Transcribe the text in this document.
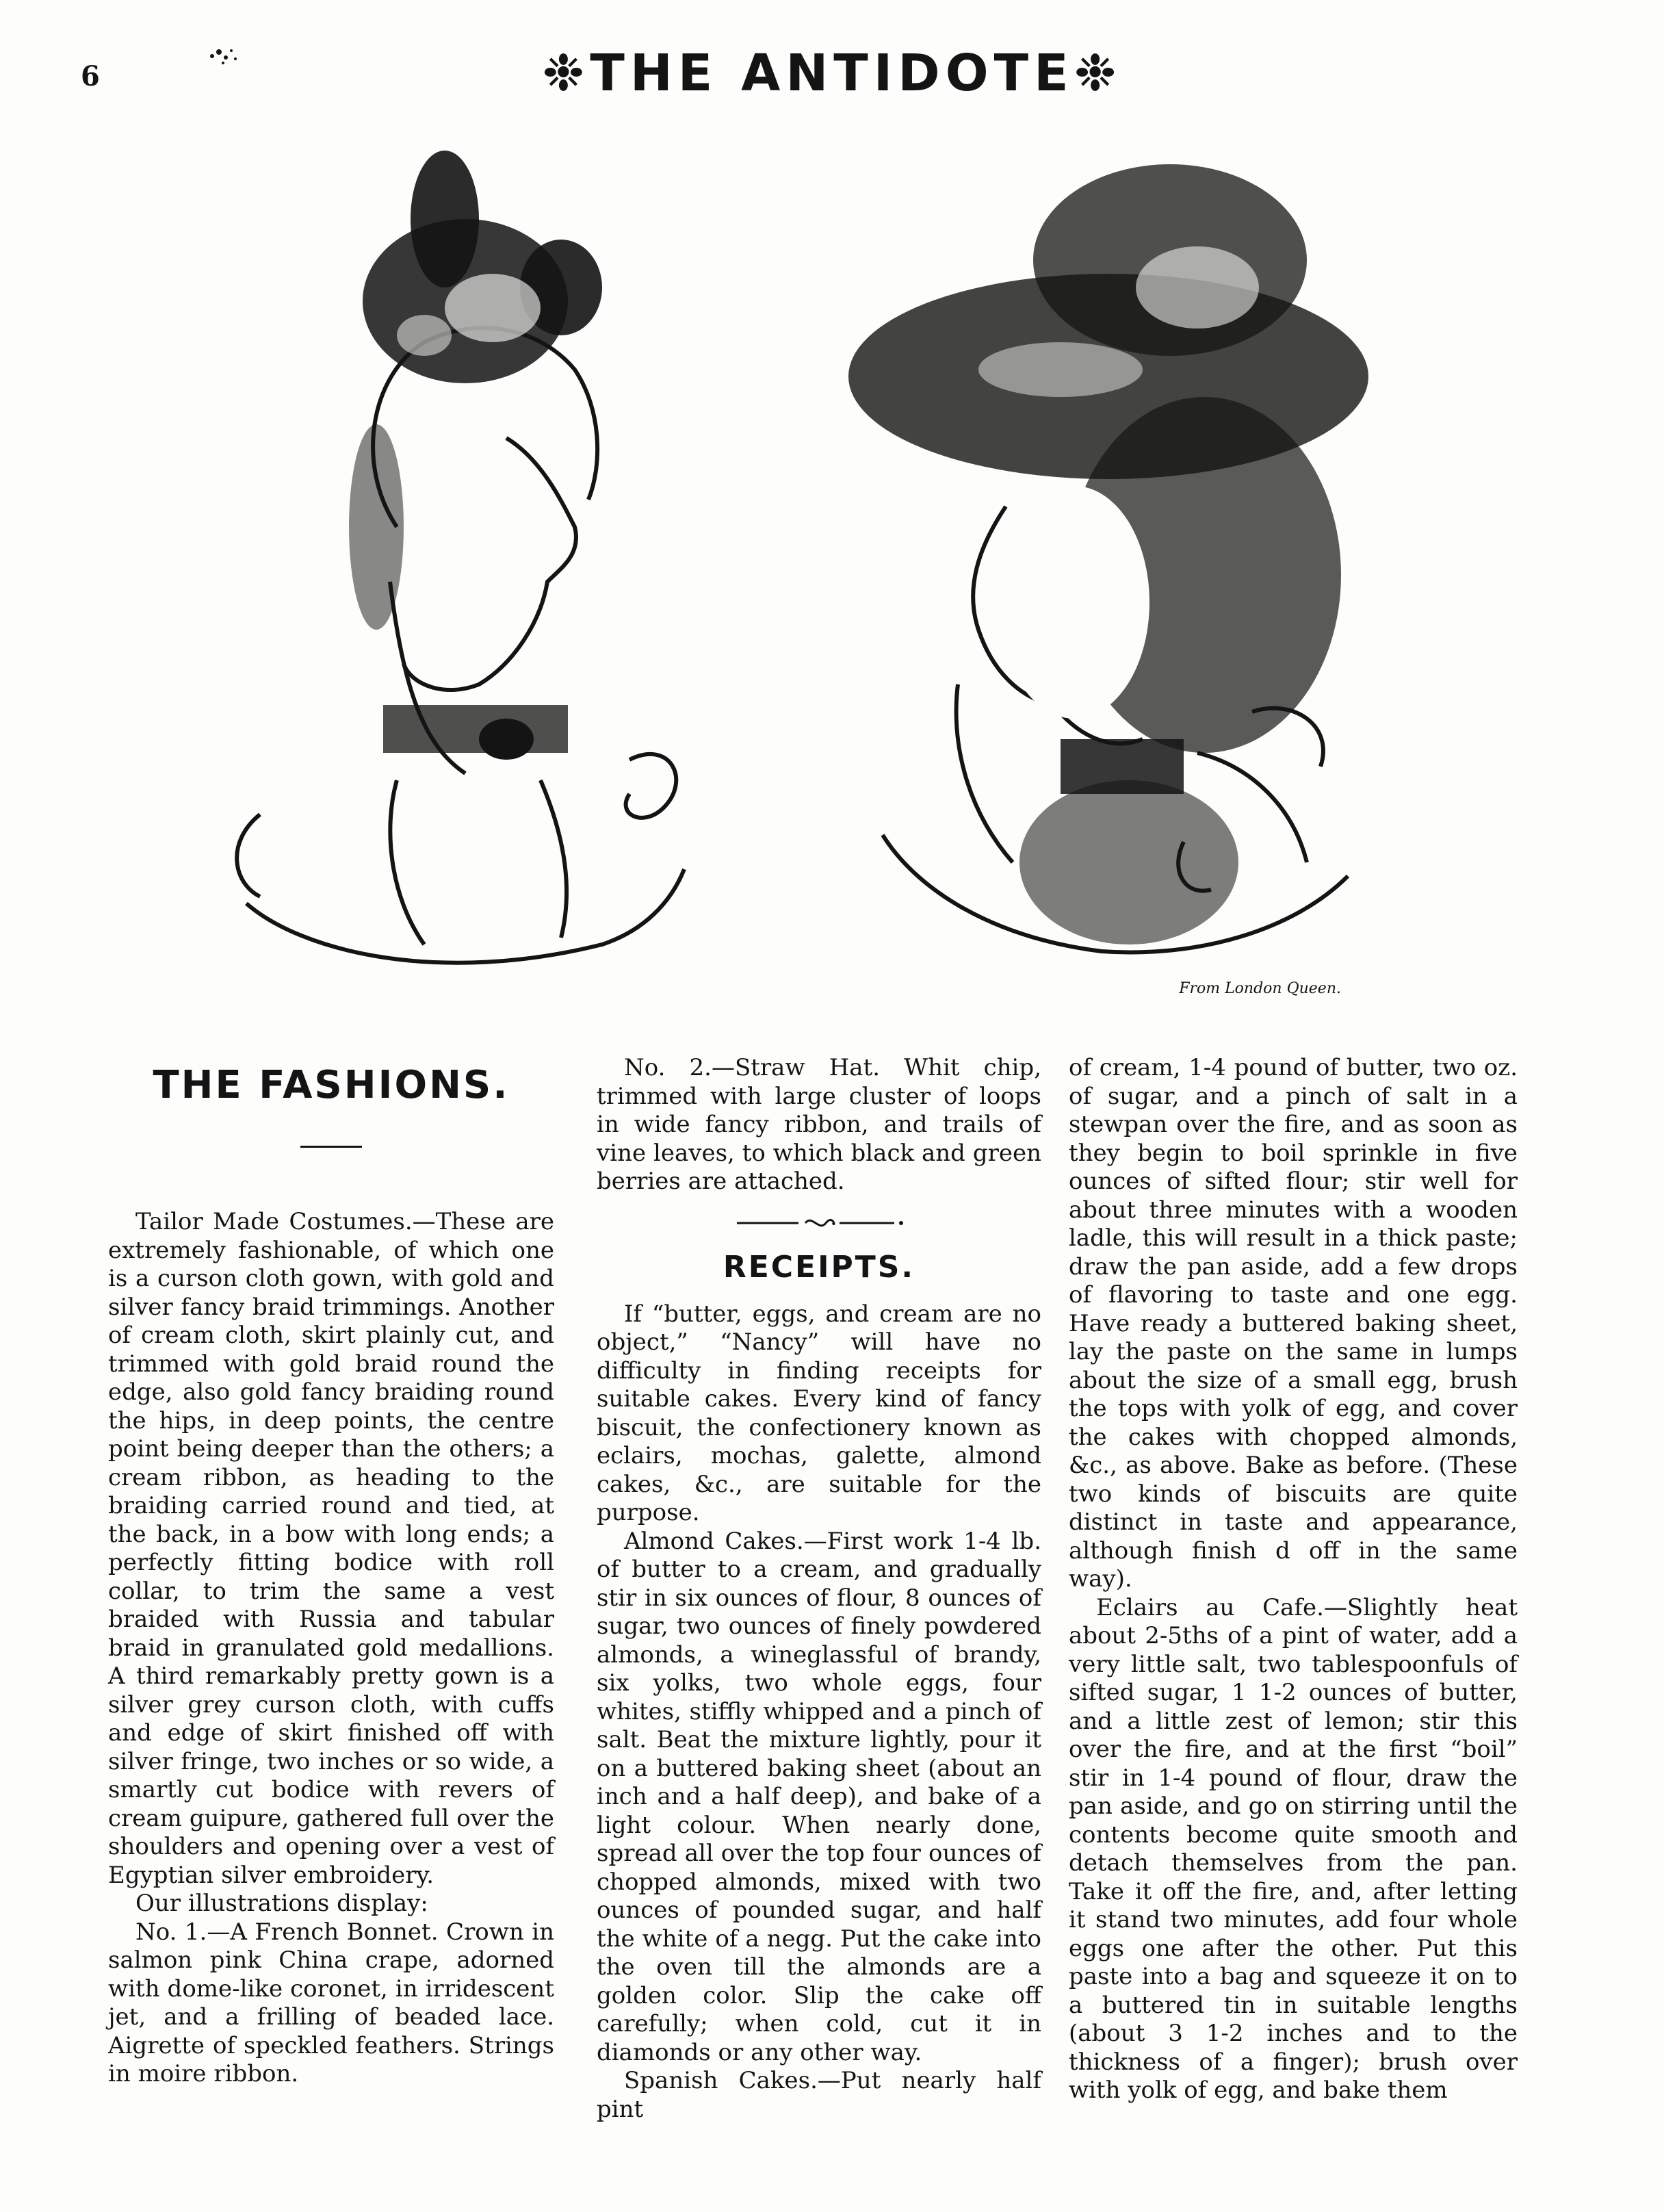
6	❉THE ANTIDOTE❉
From London Queen.
THE FASHIONS.

Tailor Made Costumes.—These are extremely fashionable, of which one is a curson cloth gown, with gold and silver fancy braid trimmings. Another of cream cloth, skirt plainly cut, and trimmed with gold braid round the edge, also gold fancy braiding round the hips, in deep points, the centre point being deeper than the others; a cream ribbon, as heading to the braiding carried round and tied, at the back, in a bow with long ends; a perfectly fitting bodice with roll collar, to trim the same a vest braided with Russia and tabular braid in granulated gold medallions. A third remarkably pretty gown is a silver grey curson cloth, with cuffs and edge of skirt finished off with silver fringe, two inches or so wide, a smartly cut bodice with revers of cream guipure, gathered full over the shoulders and opening over a vest of Egyptian silver embroidery.

Our illustrations display:

No. 1.—A French Bonnet. Crown in salmon pink China crape, adorned with dome-like coronet, in irridescent jet, and a frilling of beaded lace. Aigrette of speckled feathers. Strings in moire ribbon.

No. 2.—Straw Hat. Whit chip, trimmed with large cluster of loops in wide fancy ribbon, and trails of vine leaves, to which black and green berries are attached.

RECEIPTS.

If “butter, eggs, and cream are no object,” “Nancy” will have no difficulty in finding receipts for suitable cakes. Every kind of fancy biscuit, the confectionery known as eclairs, mochas, galette, almond cakes, &c., are suitable for the purpose.

Almond Cakes.—First work 1-4 lb. of butter to a cream, and gradually stir in six ounces of flour, 8 ounces of sugar, two ounces of finely powdered almonds, a wineglassful of brandy, six yolks, two whole eggs, four whites, stiffly whipped and a pinch of salt. Beat the mixture lightly, pour it on a buttered baking sheet (about an inch and a half deep), and bake of a light colour. When nearly done, spread all over the top four ounces of chopped almonds, mixed with two ounces of pounded sugar, and half the white of a negg. Put the cake into the oven till the almonds are a golden color. Slip the cake off carefully; when cold, cut it in diamonds or any other way.

Spanish Cakes.—Put nearly half pint

of cream, 1-4 pound of butter, two oz. of sugar, and a pinch of salt in a stewpan over the fire, and as soon as they begin to boil sprinkle in five ounces of sifted flour; stir well for about three minutes with a wooden ladle, this will result in a thick paste; draw the pan aside, add a few drops of flavoring to taste and one egg. Have ready a buttered baking sheet, lay the paste on the same in lumps about the size of a small egg, brush the tops with yolk of egg, and cover the cakes with chopped almonds, &c., as above. Bake as before. (These two kinds of biscuits are quite distinct in taste and appearance, although finish d off in the same way).

Eclairs au Cafe.—Slightly heat about 2-5ths of a pint of water, add a very little salt, two tablespoonfuls of sifted sugar, 1 1-2 ounces of butter, and a little zest of lemon; stir this over the fire, and at the first “boil” stir in 1-4 pound of flour, draw the pan aside, and go on stirring until the contents become quite smooth and detach themselves from the pan. Take it off the fire, and, after letting it stand two minutes, add four whole eggs one after the other. Put this paste into a bag and squeeze it on to a buttered tin in suitable lengths (about 3 1-2 inches and to the thickness of a finger); brush over with yolk of egg, and bake them
